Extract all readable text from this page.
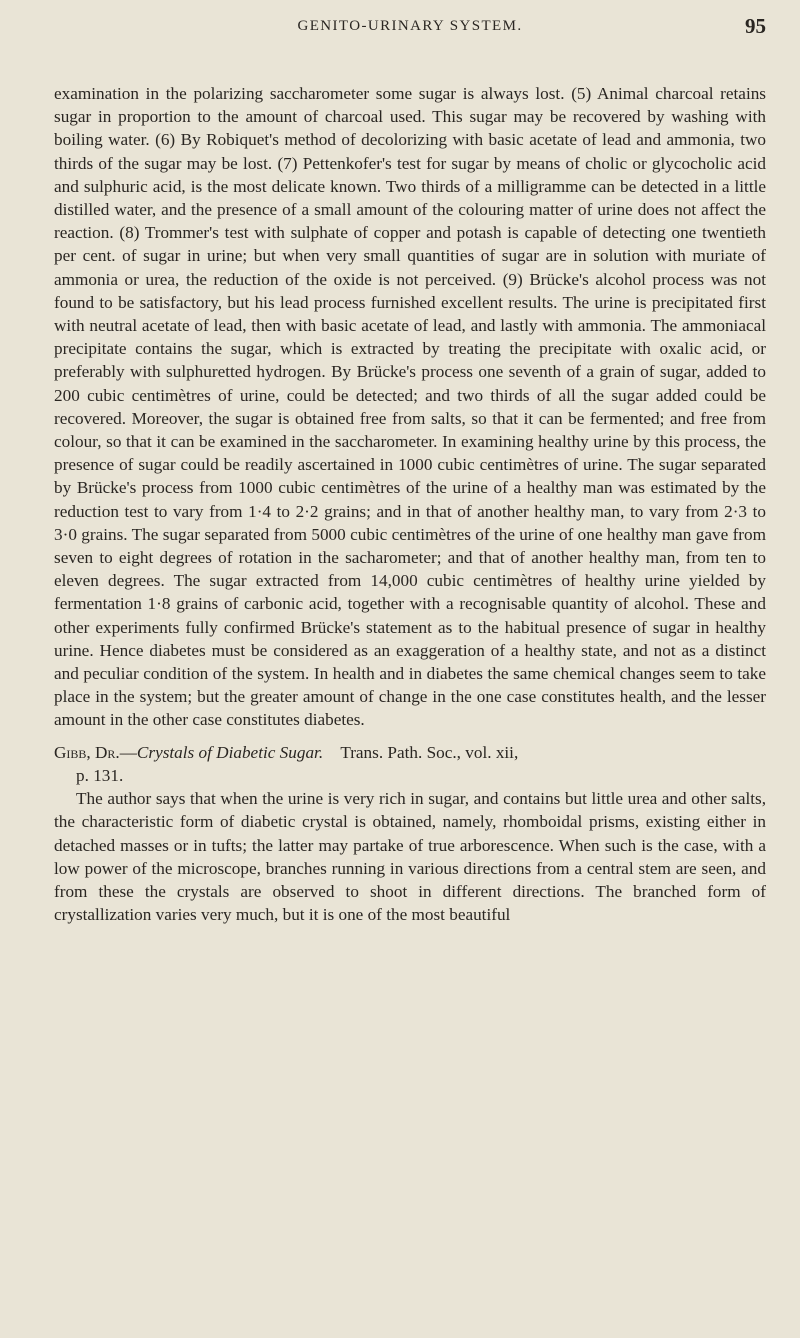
GENITO-URINARY SYSTEM.	95

examination in the polarizing saccharometer some sugar is always lost. (5) Animal charcoal retains sugar in proportion to the amount of charcoal used. This sugar may be recovered by washing with boiling water. (6) By Robiquet's method of decolorizing with basic acetate of lead and ammonia, two thirds of the sugar may be lost. (7) Pettenkofer's test for sugar by means of cholic or glycocholic acid and sulphuric acid, is the most delicate known. Two thirds of a milligramme can be detected in a little distilled water, and the presence of a small amount of the colouring matter of urine does not affect the reaction. (8) Trommer's test with sulphate of copper and potash is capable of detecting one twentieth per cent. of sugar in urine; but when very small quantities of sugar are in solution with muriate of ammonia or urea, the reduction of the oxide is not perceived. (9) Brücke's alcohol process was not found to be satisfactory, but his lead process furnished excellent results. The urine is precipitated first with neutral acetate of lead, then with basic acetate of lead, and lastly with ammonia. The ammoniacal precipitate contains the sugar, which is extracted by treating the precipitate with oxalic acid, or preferably with sulphuretted hydrogen. By Brücke's process one seventh of a grain of sugar, added to 200 cubic centimètres of urine, could be detected; and two thirds of all the sugar added could be recovered. Moreover, the sugar is obtained free from salts, so that it can be fermented; and free from colour, so that it can be examined in the saccharometer. In examining healthy urine by this process, the presence of sugar could be readily ascertained in 1000 cubic centimètres of urine. The sugar separated by Brücke's process from 1000 cubic centimètres of the urine of a healthy man was estimated by the reduction test to vary from 1·4 to 2·2 grains; and in that of another healthy man, to vary from 2·3 to 3·0 grains. The sugar separated from 5000 cubic centimètres of the urine of one healthy man gave from seven to eight degrees of rotation in the sacharometer; and that of another healthy man, from ten to eleven degrees. The sugar extracted from 14,000 cubic centimètres of healthy urine yielded by fermentation 1·8 grains of carbonic acid, together with a recognisable quantity of alcohol. These and other experiments fully confirmed Brücke's statement as to the habitual presence of sugar in healthy urine. Hence diabetes must be considered as an exaggeration of a healthy state, and not as a distinct and peculiar condition of the system. In health and in diabetes the same chemical changes seem to take place in the system; but the greater amount of change in the one case constitutes health, and the lesser amount in the other case constitutes diabetes.

Gibb, Dr.—Crystals of Diabetic Sugar. Trans. Path. Soc., vol. xii,
p. 131.

The author says that when the urine is very rich in sugar, and contains but little urea and other salts, the characteristic form of diabetic crystal is obtained, namely, rhomboidal prisms, existing either in detached masses or in tufts; the latter may partake of true arborescence. When such is the case, with a low power of the microscope, branches running in various directions from a central stem are seen, and from these the crystals are observed to shoot in different directions. The branched form of crystallization varies very much, but it is one of the most beautiful
